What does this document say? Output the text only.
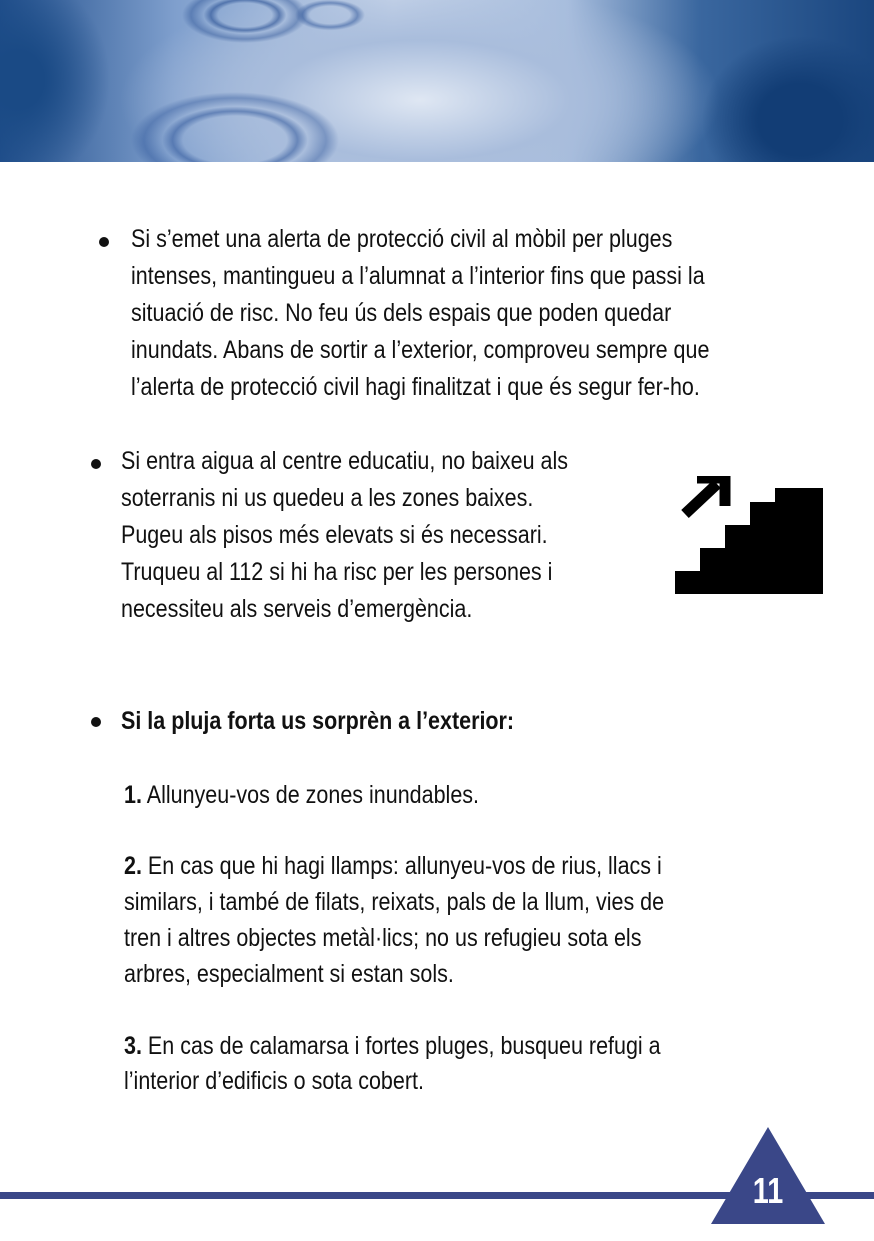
Si s’emet una alerta de protecció civil al mòbil per pluges
intenses, mantingueu a l’alumnat a l’interior fins que passi la
situació de risc. No feu ús dels espais que poden quedar
inundats. Abans de sortir a l’exterior, comproveu sempre que
l’alerta de protecció civil hagi finalitzat i que és segur fer-ho.
Si entra aigua al centre educatiu, no baixeu als
soterranis ni us quedeu a les zones baixes.
Pugeu als pisos més elevats si és necessari.
Truqueu al 112 si hi ha risc per les persones i
necessiteu als serveis d’emergència.
Si la pluja forta us sorprèn a l’exterior:
1. Allunyeu-vos de zones inundables.
2. En cas que hi hagi llamps: allunyeu-vos de rius, llacs i
similars, i també de filats, reixats, pals de la llum, vies de
tren i altres objectes metàl·lics; no us refugieu sota els
arbres, especialment si estan sols.
3. En cas de calamarsa i fortes pluges, busqueu refugi a
l’interior d’edificis o sota cobert.
11
